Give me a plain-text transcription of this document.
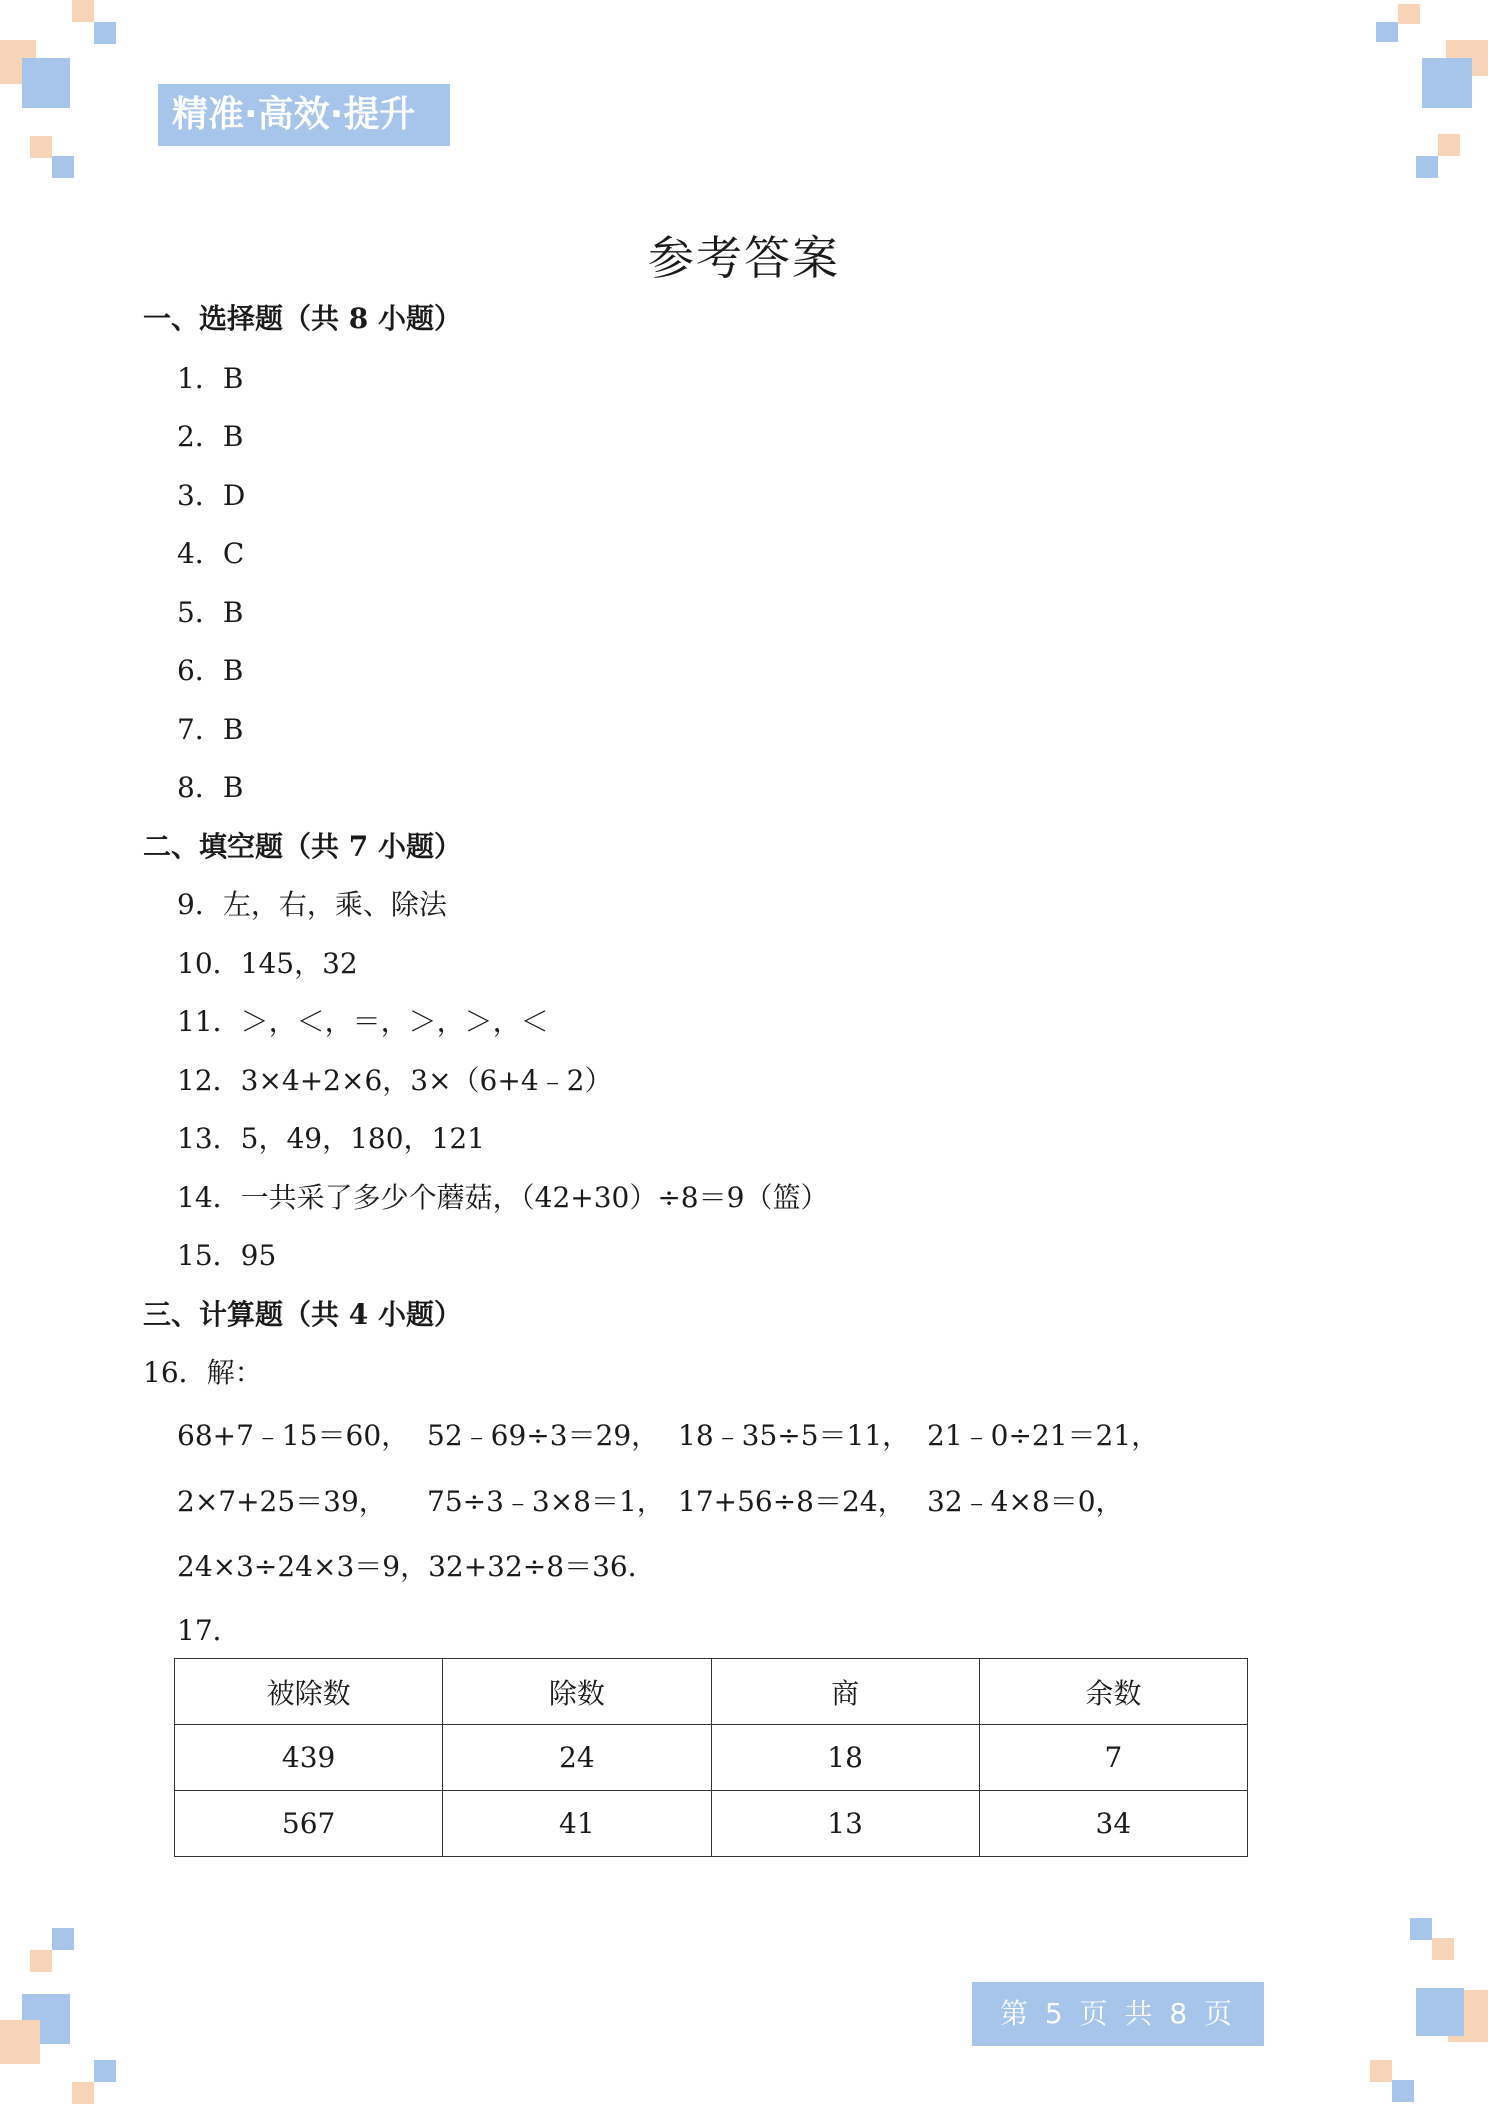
精准·高效·提升
参考答案
一、选择题（共 8 小题）
1．B
2．B
3．D
4．C
5．B
6．B
7．B
8．B
二、填空题（共 7 小题）
9．左，右，乘、除法
10．145，32
11．＞，＜，＝，＞，＞，＜
12．3×4+2×6，3×（6+4﹣2）
13．5，49，180，121
14．一共采了多少个蘑菇，（42+30）÷8＝9（篮）
15．95
三、计算题（共 4 小题）
16．解：
68+7﹣15＝60， 52﹣69÷3＝29， 18﹣35÷5＝11， 21﹣0÷21＝21，
2×7+25＝39， 75÷3﹣3×8＝1， 17+56÷8＝24， 32﹣4×8＝0，
24×3÷24×3＝9，32+32÷8＝36．
17．
被除数	除数	商	余数
439	24	18	7
567	41	13	34
第 5 页 共 8 页
